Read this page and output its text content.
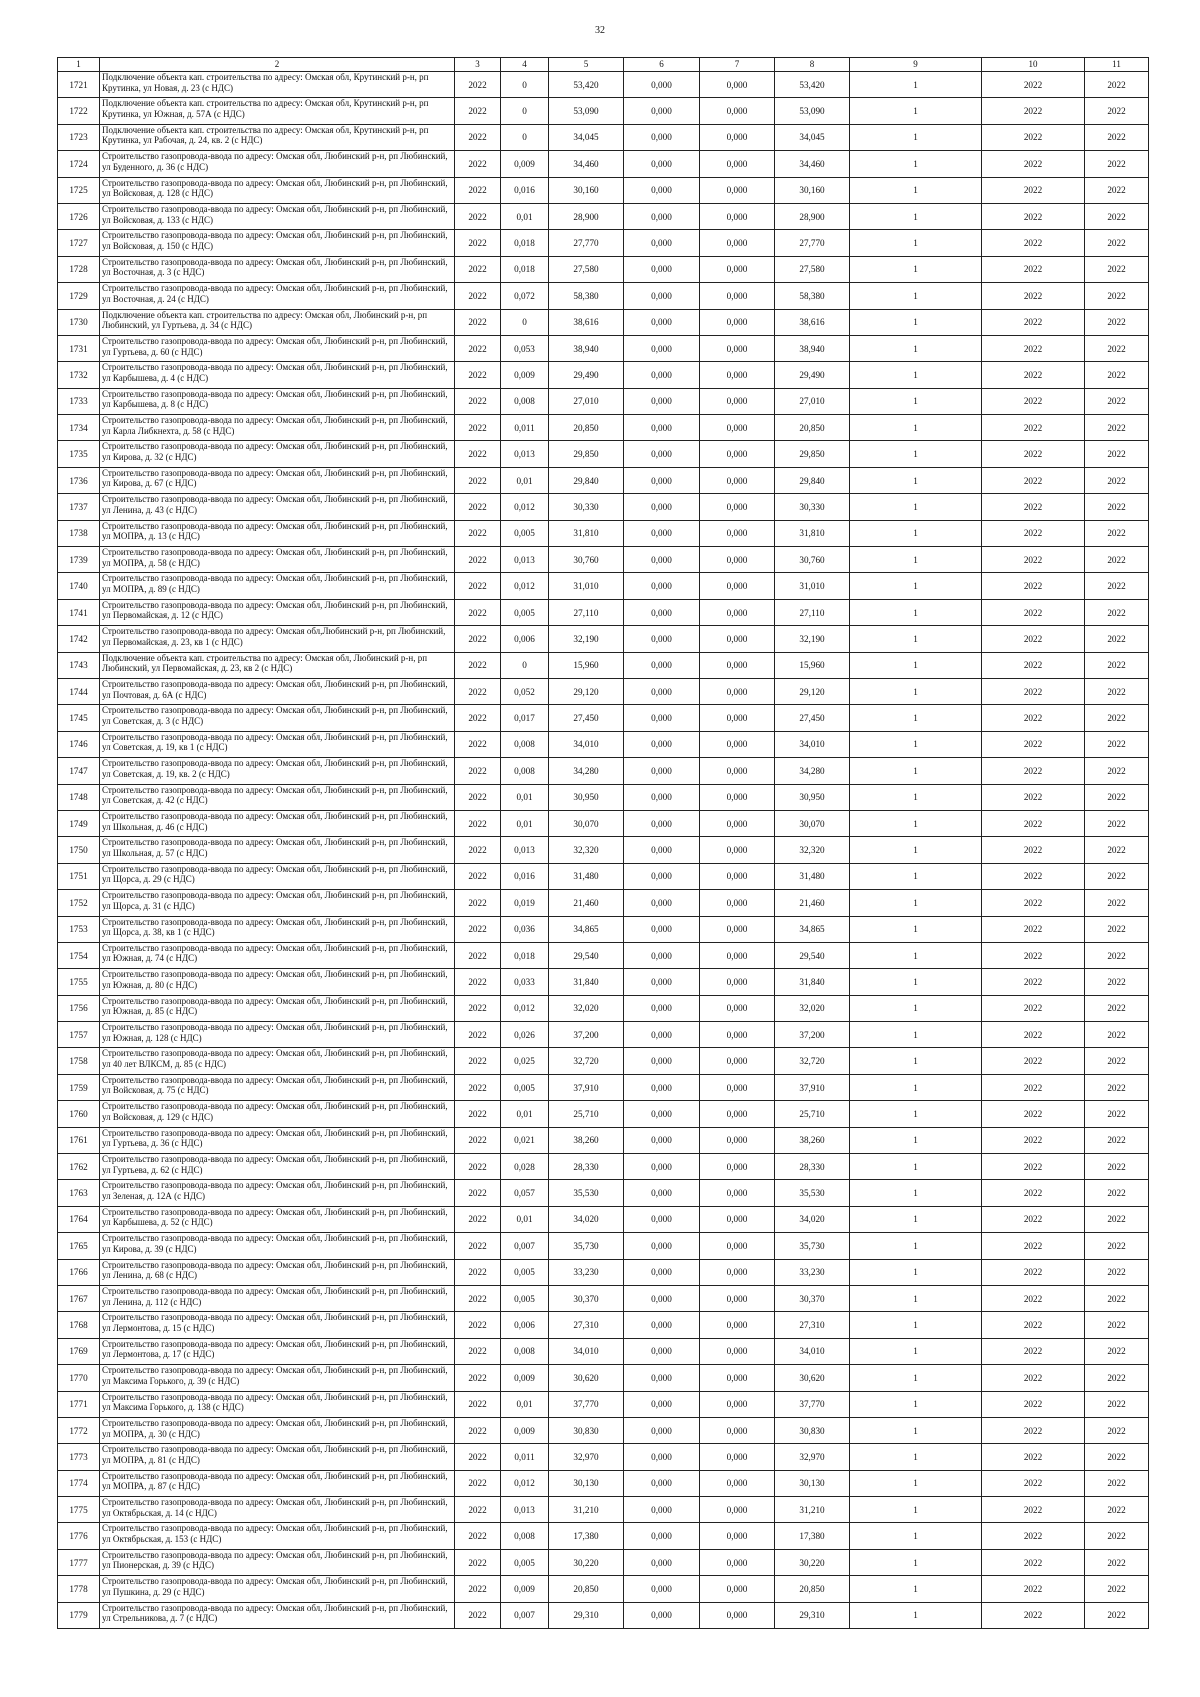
32
1	2	3	4	5	6	7	8	9	10	11
1721	Подключение объекта кап. строительства по адресу: Омская обл, Крутинский р-н, рп Крутинка, ул Новая, д. 23 (с НДС)	2022	0	53,420	0,000	0,000	53,420	1	2022	2022
1722	Подключение объекта кап. строительства по адресу: Омская обл, Крутинский р-н, рп Крутинка, ул Южная, д. 57А (с НДС)	2022	0	53,090	0,000	0,000	53,090	1	2022	2022
1723	Подключение объекта кап. строительства по адресу: Омская обл, Крутинский р-н, рп Крутинка, ул Рабочая, д. 24, кв. 2 (с НДС)	2022	0	34,045	0,000	0,000	34,045	1	2022	2022
1724	Строительство газопровода-ввода по адресу: Омская обл, Любинский р-н, рп Любинский, ул Буденного, д. 36 (с НДС)	2022	0,009	34,460	0,000	0,000	34,460	1	2022	2022
1725	Строительство газопровода-ввода по адресу: Омская обл, Любинский р-н, рп Любинский, ул Войсковая, д. 128 (с НДС)	2022	0,016	30,160	0,000	0,000	30,160	1	2022	2022
1726	Строительство газопровода-ввода по адресу: Омская обл, Любинский р-н, рп Любинский, ул Войсковая, д. 133 (с НДС)	2022	0,01	28,900	0,000	0,000	28,900	1	2022	2022
1727	Строительство газопровода-ввода по адресу: Омская обл, Любинский р-н, рп Любинский, ул Войсковая, д. 150 (с НДС)	2022	0,018	27,770	0,000	0,000	27,770	1	2022	2022
1728	Строительство газопровода-ввода по адресу: Омская обл, Любинский р-н, рп Любинский, ул Восточная, д. 3 (с НДС)	2022	0,018	27,580	0,000	0,000	27,580	1	2022	2022
1729	Строительство газопровода-ввода по адресу: Омская обл, Любинский р-н, рп Любинский, ул Восточная, д. 24 (с НДС)	2022	0,072	58,380	0,000	0,000	58,380	1	2022	2022
1730	Подключение объекта кап. строительства по адресу: Омская обл, Любинский р-н, рп Любинский, ул Гуртьева, д. 34 (с НДС)	2022	0	38,616	0,000	0,000	38,616	1	2022	2022
1731	Строительство газопровода-ввода по адресу: Омская обл, Любинский р-н, рп Любинский, ул Гуртьева, д. 60 (с НДС)	2022	0,053	38,940	0,000	0,000	38,940	1	2022	2022
1732	Строительство газопровода-ввода по адресу: Омская обл, Любинский р-н, рп Любинский, ул Карбышева, д. 4 (с НДС)	2022	0,009	29,490	0,000	0,000	29,490	1	2022	2022
1733	Строительство газопровода-ввода по адресу: Омская обл, Любинский р-н, рп Любинский, ул Карбышева, д. 8 (с НДС)	2022	0,008	27,010	0,000	0,000	27,010	1	2022	2022
1734	Строительство газопровода-ввода по адресу: Омская обл, Любинский р-н, рп Любинский, ул Карла Либкнехта, д. 58 (с НДС)	2022	0,011	20,850	0,000	0,000	20,850	1	2022	2022
1735	Строительство газопровода-ввода по адресу: Омская обл, Любинский р-н, рп Любинский, ул Кирова, д. 32 (с НДС)	2022	0,013	29,850	0,000	0,000	29,850	1	2022	2022
1736	Строительство газопровода-ввода по адресу: Омская обл, Любинский р-н, рп Любинский, ул Кирова, д. 67 (с НДС)	2022	0,01	29,840	0,000	0,000	29,840	1	2022	2022
1737	Строительство газопровода-ввода по адресу: Омская обл, Любинский р-н, рп Любинский, ул Ленина, д. 43 (с НДС)	2022	0,012	30,330	0,000	0,000	30,330	1	2022	2022
1738	Строительство газопровода-ввода по адресу: Омская обл, Любинский р-н, рп Любинский, ул МОПРА, д. 13 (с НДС)	2022	0,005	31,810	0,000	0,000	31,810	1	2022	2022
1739	Строительство газопровода-ввода по адресу: Омская обл, Любинский р-н, рп Любинский, ул МОПРА, д. 58 (с НДС)	2022	0,013	30,760	0,000	0,000	30,760	1	2022	2022
1740	Строительство газопровода-ввода по адресу: Омская обл, Любинский р-н, рп Любинский, ул МОПРА, д. 89 (с НДС)	2022	0,012	31,010	0,000	0,000	31,010	1	2022	2022
1741	Строительство газопровода-ввода по адресу: Омская обл, Любинский р-н, рп Любинский, ул Первомайская, д. 12 (с НДС)	2022	0,005	27,110	0,000	0,000	27,110	1	2022	2022
1742	Строительство газопровода-ввода по адресу: Омская обл,Любинский р-н, рп Любинский, ул Первомайская, д. 23, кв 1 (с НДС)	2022	0,006	32,190	0,000	0,000	32,190	1	2022	2022
1743	Подключение объекта кап. строительства по адресу: Омская обл, Любинский р-н, рп Любинский, ул Первомайская, д. 23, кв 2 (с НДС)	2022	0	15,960	0,000	0,000	15,960	1	2022	2022
1744	Строительство газопровода-ввода по адресу: Омская обл, Любинский р-н, рп Любинский, ул Почтовая, д. 6А (с НДС)	2022	0,052	29,120	0,000	0,000	29,120	1	2022	2022
1745	Строительство газопровода-ввода по адресу: Омская обл, Любинский р-н, рп Любинский, ул Советская, д. 3 (с НДС)	2022	0,017	27,450	0,000	0,000	27,450	1	2022	2022
1746	Строительство газопровода-ввода по адресу: Омская обл, Любинский р-н, рп Любинский, ул Советская, д. 19, кв 1 (с НДС)	2022	0,008	34,010	0,000	0,000	34,010	1	2022	2022
1747	Строительство газопровода-ввода по адресу: Омская обл, Любинский р-н, рп Любинский, ул Советская, д. 19, кв. 2 (с НДС)	2022	0,008	34,280	0,000	0,000	34,280	1	2022	2022
1748	Строительство газопровода-ввода по адресу: Омская обл, Любинский р-н, рп Любинский, ул Советская, д. 42 (с НДС)	2022	0,01	30,950	0,000	0,000	30,950	1	2022	2022
1749	Строительство газопровода-ввода по адресу: Омская обл, Любинский р-н, рп Любинский, ул Школьная, д. 46 (с НДС)	2022	0,01	30,070	0,000	0,000	30,070	1	2022	2022
1750	Строительство газопровода-ввода по адресу: Омская обл, Любинский р-н, рп Любинский, ул Школьная, д. 57 (с НДС)	2022	0,013	32,320	0,000	0,000	32,320	1	2022	2022
1751	Строительство газопровода-ввода по адресу: Омская обл, Любинский р-н, рп Любинский, ул Щорса, д. 29 (с НДС)	2022	0,016	31,480	0,000	0,000	31,480	1	2022	2022
1752	Строительство газопровода-ввода по адресу: Омская обл, Любинский р-н, рп Любинский, ул Щорса, д. 31 (с НДС)	2022	0,019	21,460	0,000	0,000	21,460	1	2022	2022
1753	Строительство газопровода-ввода по адресу: Омская обл, Любинский р-н, рп Любинский, ул Щорса, д. 38, кв 1 (с НДС)	2022	0,036	34,865	0,000	0,000	34,865	1	2022	2022
1754	Строительство газопровода-ввода по адресу: Омская обл, Любинский р-н, рп Любинский, ул Южная, д. 74 (с НДС)	2022	0,018	29,540	0,000	0,000	29,540	1	2022	2022
1755	Строительство газопровода-ввода по адресу: Омская обл, Любинский р-н, рп Любинский, ул Южная, д. 80 (с НДС)	2022	0,033	31,840	0,000	0,000	31,840	1	2022	2022
1756	Строительство газопровода-ввода по адресу: Омская обл, Любинский р-н, рп Любинский, ул Южная, д. 85 (с НДС)	2022	0,012	32,020	0,000	0,000	32,020	1	2022	2022
1757	Строительство газопровода-ввода по адресу: Омская обл, Любинский р-н, рп Любинский, ул Южная, д. 128 (с НДС)	2022	0,026	37,200	0,000	0,000	37,200	1	2022	2022
1758	Строительство газопровода-ввода по адресу: Омская обл, Любинский р-н, рп Любинский, ул 40 лет ВЛКСМ, д. 85 (с НДС)	2022	0,025	32,720	0,000	0,000	32,720	1	2022	2022
1759	Строительство газопровода-ввода по адресу: Омская обл, Любинский р-н, рп Любинский, ул Войсковая, д. 75 (с НДС)	2022	0,005	37,910	0,000	0,000	37,910	1	2022	2022
1760	Строительство газопровода-ввода по адресу: Омская обл, Любинский р-н, рп Любинский, ул Войсковая, д. 129 (с НДС)	2022	0,01	25,710	0,000	0,000	25,710	1	2022	2022
1761	Строительство газопровода-ввода по адресу: Омская обл, Любинский р-н, рп Любинский, ул Гуртьева, д. 36 (с НДС)	2022	0,021	38,260	0,000	0,000	38,260	1	2022	2022
1762	Строительство газопровода-ввода по адресу: Омская обл, Любинский р-н, рп Любинский, ул Гуртьева, д. 62 (с НДС)	2022	0,028	28,330	0,000	0,000	28,330	1	2022	2022
1763	Строительство газопровода-ввода по адресу: Омская обл, Любинский р-н, рп Любинский, ул Зеленая, д. 12А (с НДС)	2022	0,057	35,530	0,000	0,000	35,530	1	2022	2022
1764	Строительство газопровода-ввода по адресу: Омская обл, Любинский р-н, рп Любинский, ул Карбышева, д. 52 (с НДС)	2022	0,01	34,020	0,000	0,000	34,020	1	2022	2022
1765	Строительство газопровода-ввода по адресу: Омская обл, Любинский р-н, рп Любинский, ул Кирова, д. 39 (с НДС)	2022	0,007	35,730	0,000	0,000	35,730	1	2022	2022
1766	Строительство газопровода-ввода по адресу: Омская обл, Любинский р-н, рп Любинский, ул Ленина, д. 68 (с НДС)	2022	0,005	33,230	0,000	0,000	33,230	1	2022	2022
1767	Строительство газопровода-ввода по адресу: Омская обл, Любинский р-н, рп Любинский, ул Ленина, д. 112 (с НДС)	2022	0,005	30,370	0,000	0,000	30,370	1	2022	2022
1768	Строительство газопровода-ввода по адресу: Омская обл, Любинский р-н, рп Любинский, ул Лермонтова, д. 15 (с НДС)	2022	0,006	27,310	0,000	0,000	27,310	1	2022	2022
1769	Строительство газопровода-ввода по адресу: Омская обл, Любинский р-н, рп Любинский, ул Лермонтова, д. 17 (с НДС)	2022	0,008	34,010	0,000	0,000	34,010	1	2022	2022
1770	Строительство газопровода-ввода по адресу: Омская обл, Любинский р-н, рп Любинский, ул Максима Горького, д. 39 (с НДС)	2022	0,009	30,620	0,000	0,000	30,620	1	2022	2022
1771	Строительство газопровода-ввода по адресу: Омская обл, Любинский р-н, рп Любинский, ул Максима Горького, д. 138 (с НДС)	2022	0,01	37,770	0,000	0,000	37,770	1	2022	2022
1772	Строительство газопровода-ввода по адресу: Омская обл, Любинский р-н, рп Любинский, ул МОПРА, д. 30 (с НДС)	2022	0,009	30,830	0,000	0,000	30,830	1	2022	2022
1773	Строительство газопровода-ввода по адресу: Омская обл, Любинский р-н, рп Любинский, ул МОПРА, д. 81 (с НДС)	2022	0,011	32,970	0,000	0,000	32,970	1	2022	2022
1774	Строительство газопровода-ввода по адресу: Омская обл, Любинский р-н, рп Любинский, ул МОПРА, д. 87 (с НДС)	2022	0,012	30,130	0,000	0,000	30,130	1	2022	2022
1775	Строительство газопровода-ввода по адресу: Омская обл, Любинский р-н, рп Любинский, ул Октябрьская, д. 14 (с НДС)	2022	0,013	31,210	0,000	0,000	31,210	1	2022	2022
1776	Строительство газопровода-ввода по адресу: Омская обл, Любинский р-н, рп Любинский, ул Октябрьская, д. 153 (с НДС)	2022	0,008	17,380	0,000	0,000	17,380	1	2022	2022
1777	Строительство газопровода-ввода по адресу: Омская обл, Любинский р-н, рп Любинский, ул Пионерская, д. 39 (с НДС)	2022	0,005	30,220	0,000	0,000	30,220	1	2022	2022
1778	Строительство газопровода-ввода по адресу: Омская обл, Любинский р-н, рп Любинский, ул Пушкина, д. 29 (с НДС)	2022	0,009	20,850	0,000	0,000	20,850	1	2022	2022
1779	Строительство газопровода-ввода по адресу: Омская обл, Любинский р-н, рп Любинский, ул Стрельникова, д. 7 (с НДС)	2022	0,007	29,310	0,000	0,000	29,310	1	2022	2022
